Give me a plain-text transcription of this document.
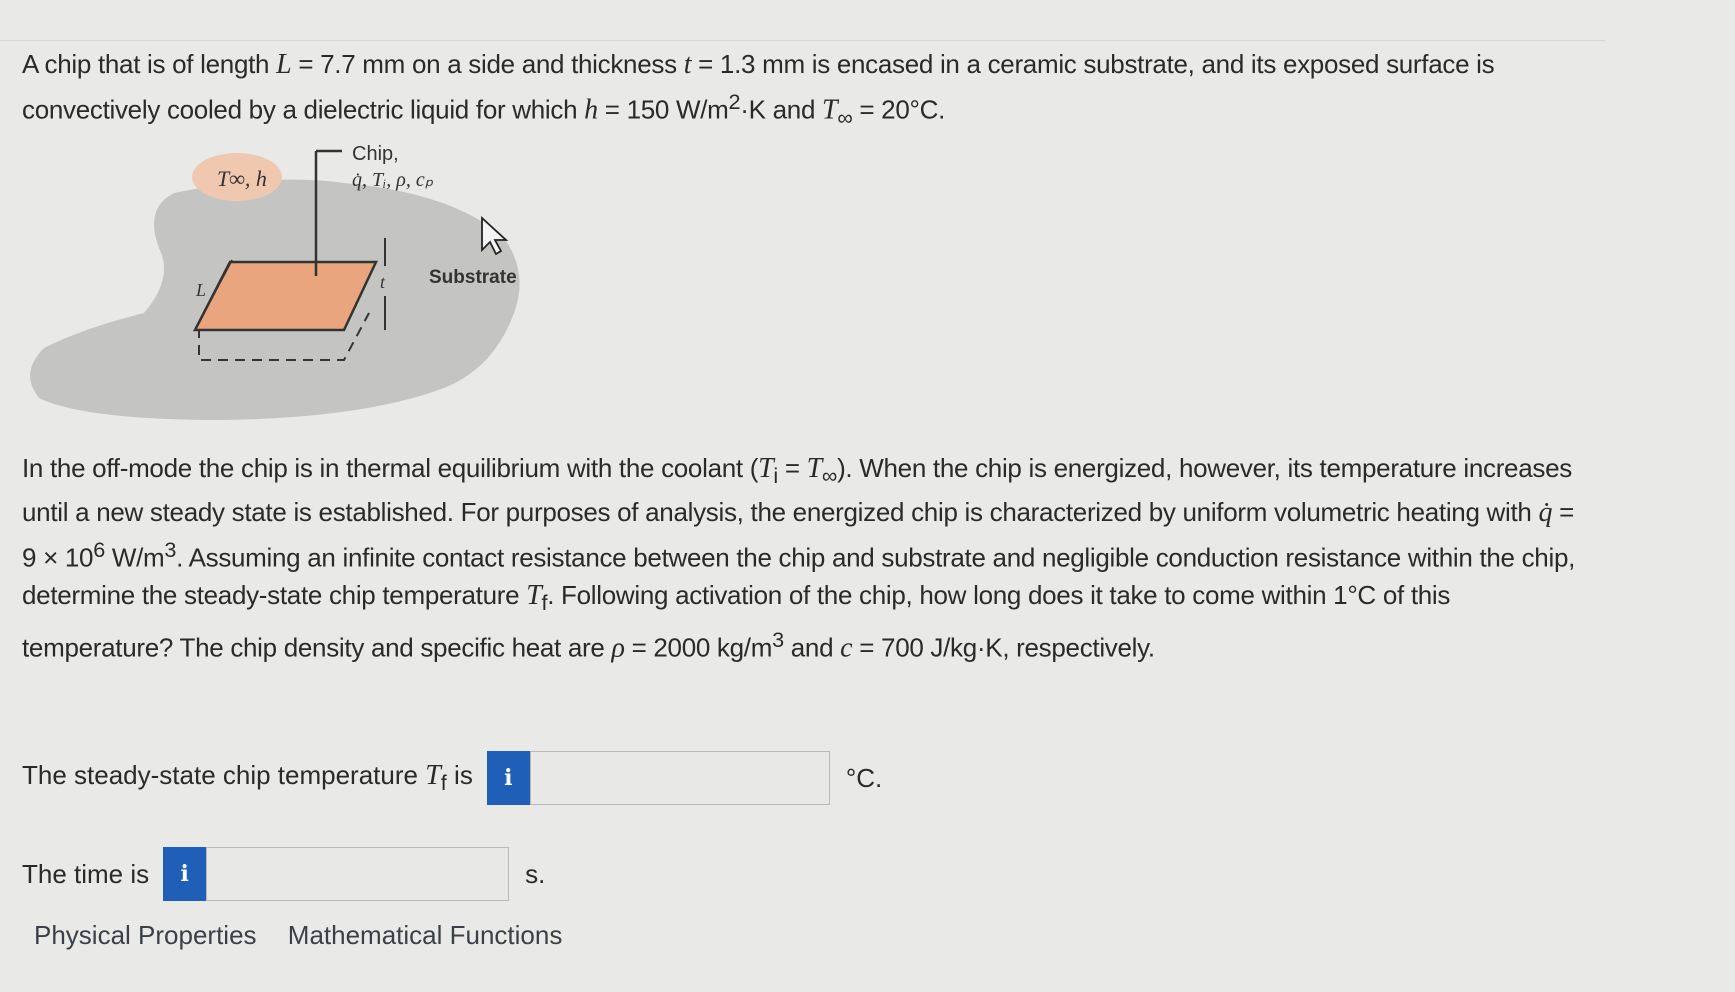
A chip that is of length L = 7.7 mm on a side and thickness t = 1.3 mm is encased in a ceramic substrate, and its exposed surface is convectively cooled by a dielectric liquid for which h = 150 $W/m^2\cdot K$ and $T_\infty = 20^\circ C$.
T∞, h
Chip,
q̇, Tᵢ, ρ, cₚ
Substrate
t
L
In the off-mode the chip is in thermal equilibrium with the coolant $(T_i = T_\infty)$. When the chip is energized, however, its temperature increases until a new steady state is established. For purposes of analysis, the energized chip is characterized by uniform volumetric heating with q̇ = $9 \times 10^6$ $W/m^3$. Assuming an infinite contact resistance between the chip and substrate and negligible conduction resistance within the chip, determine the steady-state chip temperature $T_f$. Following activation of the chip, how long does it take to come within 1°C of this temperature? The chip density and specific heat are ρ = 2000 $kg/m^3$ and c = 700 J/kg·K, respectively.
The steady-state chip temperature $T_f$ is	i	°C.
The time is	i	s.
Physical Properties Mathematical Functions
